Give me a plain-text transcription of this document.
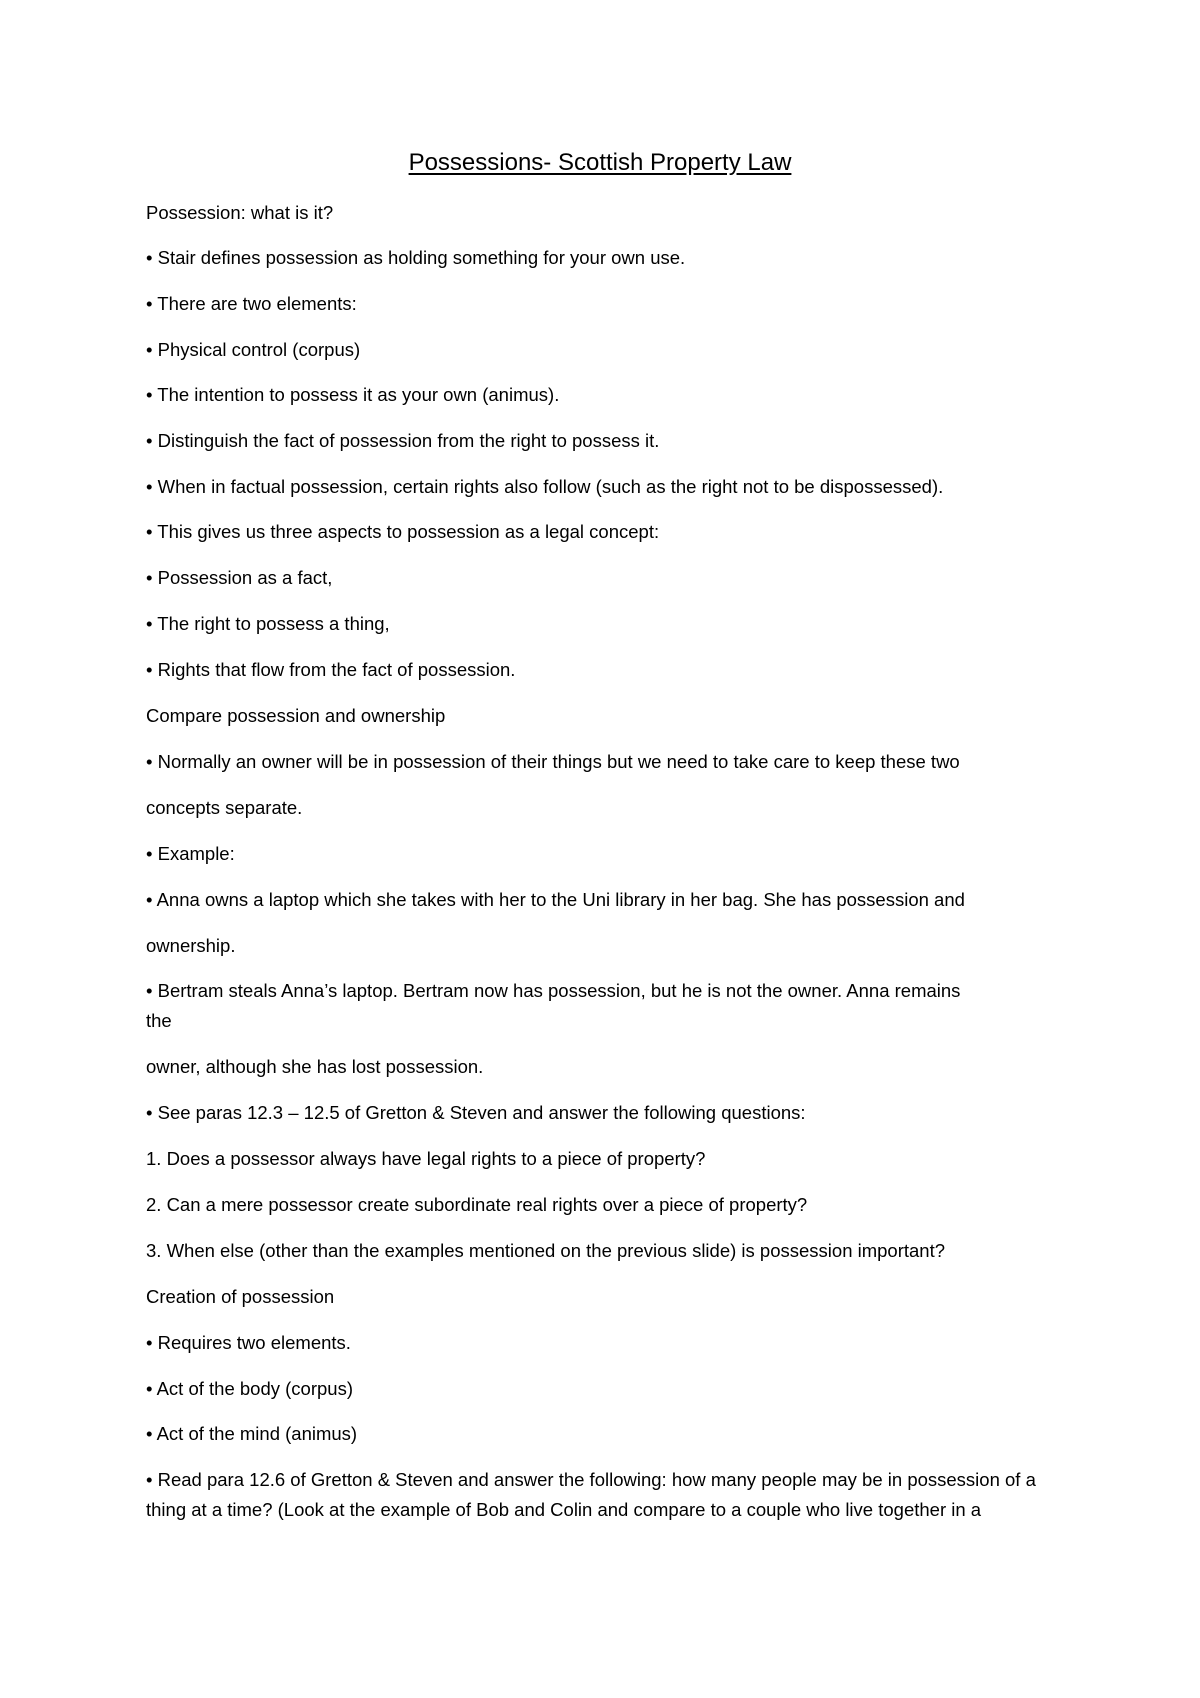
Possessions- Scottish Property Law
Possession: what is it?
• Stair defines possession as holding something for your own use.
• There are two elements:
• Physical control (corpus)
• The intention to possess it as your own (animus).
• Distinguish the fact of possession from the right to possess it.
• When in factual possession, certain rights also follow (such as the right not to be dispossessed).
• This gives us three aspects to possession as a legal concept:
• Possession as a fact,
• The right to possess a thing,
• Rights that flow from the fact of possession.
Compare possession and ownership
• Normally an owner will be in possession of their things but we need to take care to keep these two
concepts separate.
• Example:
• Anna owns a laptop which she takes with her to the Uni library in her bag. She has possession and
ownership.
• Bertram steals Anna’s laptop. Bertram now has possession, but he is not the owner. Anna remains
the
owner, although she has lost possession.
• See paras 12.3 – 12.5 of Gretton & Steven and answer the following questions:
1. Does a possessor always have legal rights to a piece of property?
2. Can a mere possessor create subordinate real rights over a piece of property?
3. When else (other than the examples mentioned on the previous slide) is possession important?
Creation of possession
• Requires two elements.
• Act of the body (corpus)
• Act of the mind (animus)
• Read para 12.6 of Gretton & Steven and answer the following: how many people may be in possession of a thing at a time? (Look at the example of Bob and Colin and compare to a couple who live together in a
